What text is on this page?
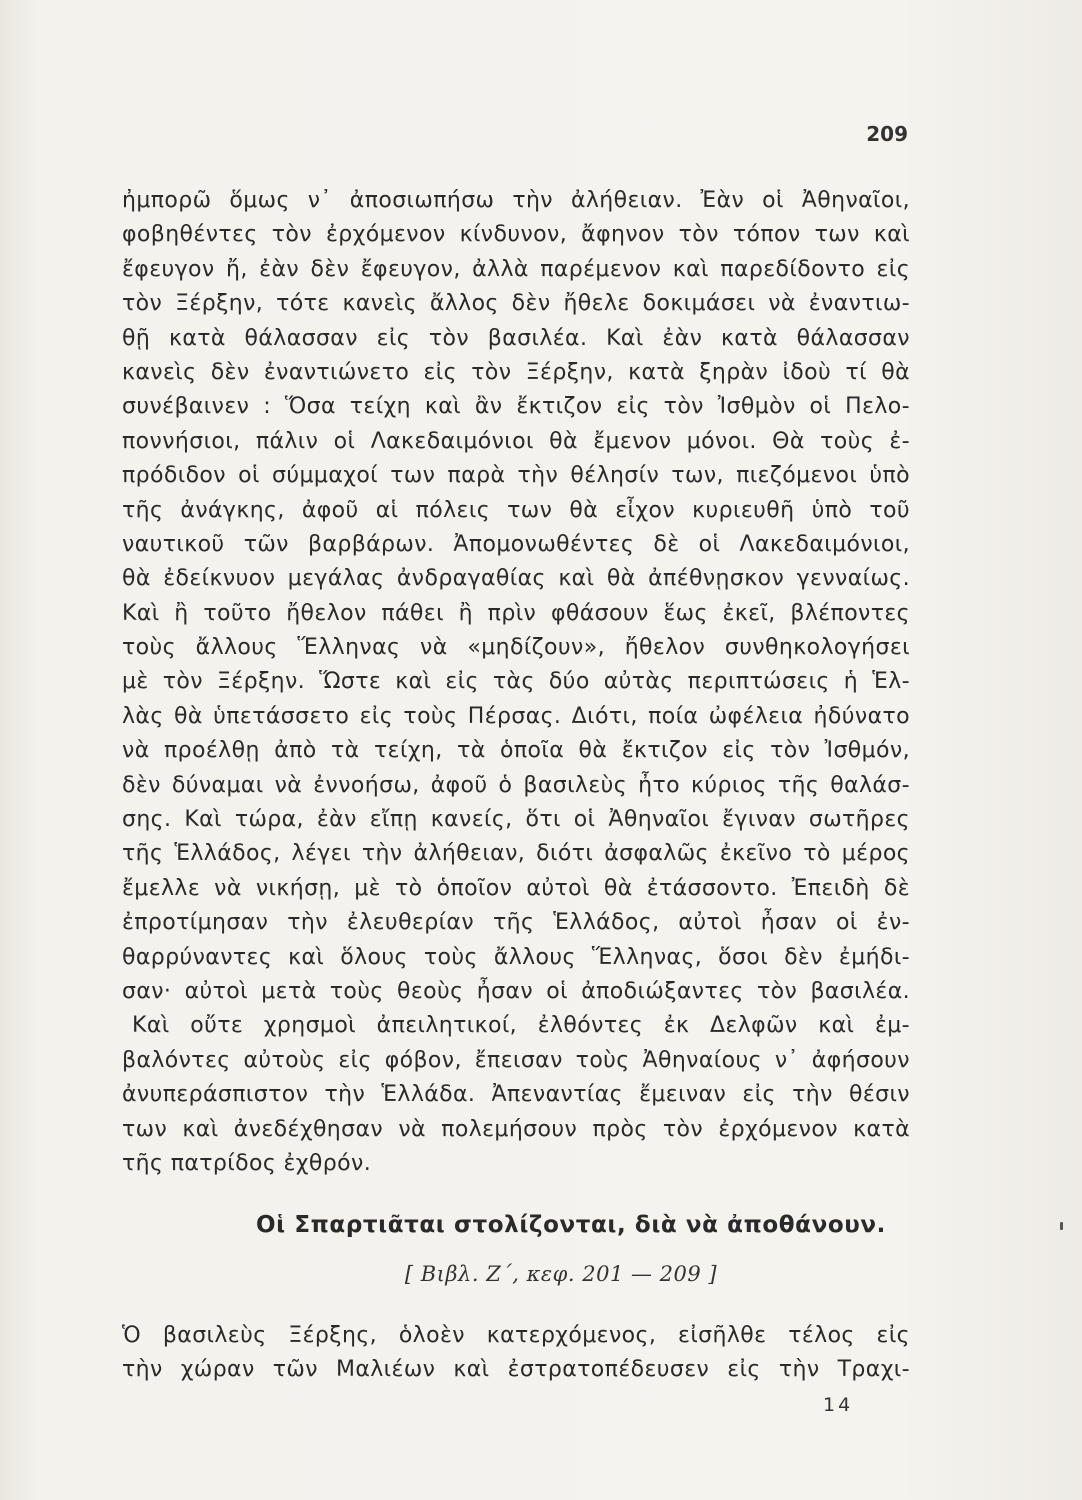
209
ἠμπορῶ ὅμως ν᾿ ἀποσιωπήσω τὴν ἀλήθειαν. Ἐὰν οἱ Ἀθηναῖοι,
φοβηθέντες τὸν ἐρχόμενον κίνδυνον, ἄφηνον τὸν τόπον των καὶ
ἔφευγον ἤ, ἐὰν δὲν ἔφευγον, ἀλλὰ παρέμενον καὶ παρεδίδοντο εἰς
τὸν Ξέρξην, τότε κανεὶς ἄλλος δὲν ἤθελε δοκιμάσει νὰ ἐναντιω-
θῇ κατὰ θάλασσαν εἰς τὸν βασιλέα. Καὶ ἐὰν κατὰ θάλασσαν
κανεὶς δὲν ἐναντιώνετο εἰς τὸν Ξέρξην, κατὰ ξηρὰν ἰδοὺ τί θὰ
συνέβαινεν : Ὅσα τείχη καὶ ἂν ἔκτιζον εἰς τὸν Ἰσθμὸν οἱ Πελο-
ποννήσιοι, πάλιν οἱ Λακεδαιμόνιοι θὰ ἔμενον μόνοι. Θὰ τοὺς ἐ-
πρόδιδον οἱ σύμμαχοί των παρὰ τὴν θέλησίν των, πιεζόμενοι ὑπὸ
τῆς ἀνάγκης, ἀφοῦ αἱ πόλεις των θὰ εἶχον κυριευθῆ ὑπὸ τοῦ
ναυτικοῦ τῶν βαρβάρων. Ἀπομονωθέντες δὲ οἱ Λακεδαιμόνιοι,
θὰ ἐδείκνυον μεγάλας ἀνδραγαθίας καὶ θὰ ἀπέθνῃσκον γενναίως.
Καὶ ἢ τοῦτο ἤθελον πάθει ἢ πρὶν φθάσουν ἕως ἐκεῖ, βλέποντες
τοὺς ἄλλους Ἕλληνας νὰ «μηδίζουν», ἤθελον συνθηκολογήσει
μὲ τὸν Ξέρξην. Ὥστε καὶ εἰς τὰς δύο αὐτὰς περιπτώσεις ἡ Ἑλ-
λὰς θὰ ὑπετάσσετο εἰς τοὺς Πέρσας. Διότι, ποία ὠφέλεια ἠδύνατο
νὰ προέλθῃ ἀπὸ τὰ τείχη, τὰ ὁποῖα θὰ ἔκτιζον εἰς τὸν Ἰσθμόν,
δὲν δύναμαι νὰ ἐννοήσω, ἀφοῦ ὁ βασιλεὺς ἦτο κύριος τῆς θαλάσ-
σης. Καὶ τώρα, ἐὰν εἴπῃ κανείς, ὅτι οἱ Ἀθηναῖοι ἔγιναν σωτῆρες
τῆς Ἑλλάδος, λέγει τὴν ἀλήθειαν, διότι ἀσφαλῶς ἐκεῖνο τὸ μέρος
ἔμελλε νὰ νικήσῃ, μὲ τὸ ὁποῖον αὐτοὶ θὰ ἐτάσσοντο. Ἐπειδὴ δὲ
ἐπροτίμησαν τὴν ἐλευθερίαν τῆς Ἑλλάδος, αὐτοὶ ἦσαν οἱ ἐν-
θαρρύναντες καὶ ὅλους τοὺς ἄλλους Ἕλληνας, ὅσοι δὲν ἐμήδι-
σαν· αὐτοὶ μετὰ τοὺς θεοὺς ἦσαν οἱ ἀποδιώξαντες τὸν βασιλέα.
Καὶ οὔτε χρησμοὶ ἀπειλητικοί, ἐλθόντες ἐκ Δελφῶν καὶ ἐμ-
βαλόντες αὐτοὺς εἰς φόβον, ἔπεισαν τοὺς Ἀθηναίους ν᾿ ἀφήσουν
ἀνυπεράσπιστον τὴν Ἑλλάδα. Ἀπεναντίας ἔμειναν εἰς τὴν θέσιν
των καὶ ἀνεδέχθησαν νὰ πολεμήσουν πρὸς τὸν ἐρχόμενον κατὰ
τῆς πατρίδος ἐχθρόν.
Οἱ Σπαρτιᾶται στολίζονται, διὰ νὰ ἀποθάνουν.
[ Βιβλ. Ζ΄, κεφ. 201 — 209 ]
Ὁ βασιλεὺς Ξέρξης, ὁλοὲν κατερχόμενος, εἰσῆλθε τέλος εἰς
τὴν χώραν τῶν Μαλιέων καὶ ἐστρατοπέδευσεν εἰς τὴν Τραχι-
14
